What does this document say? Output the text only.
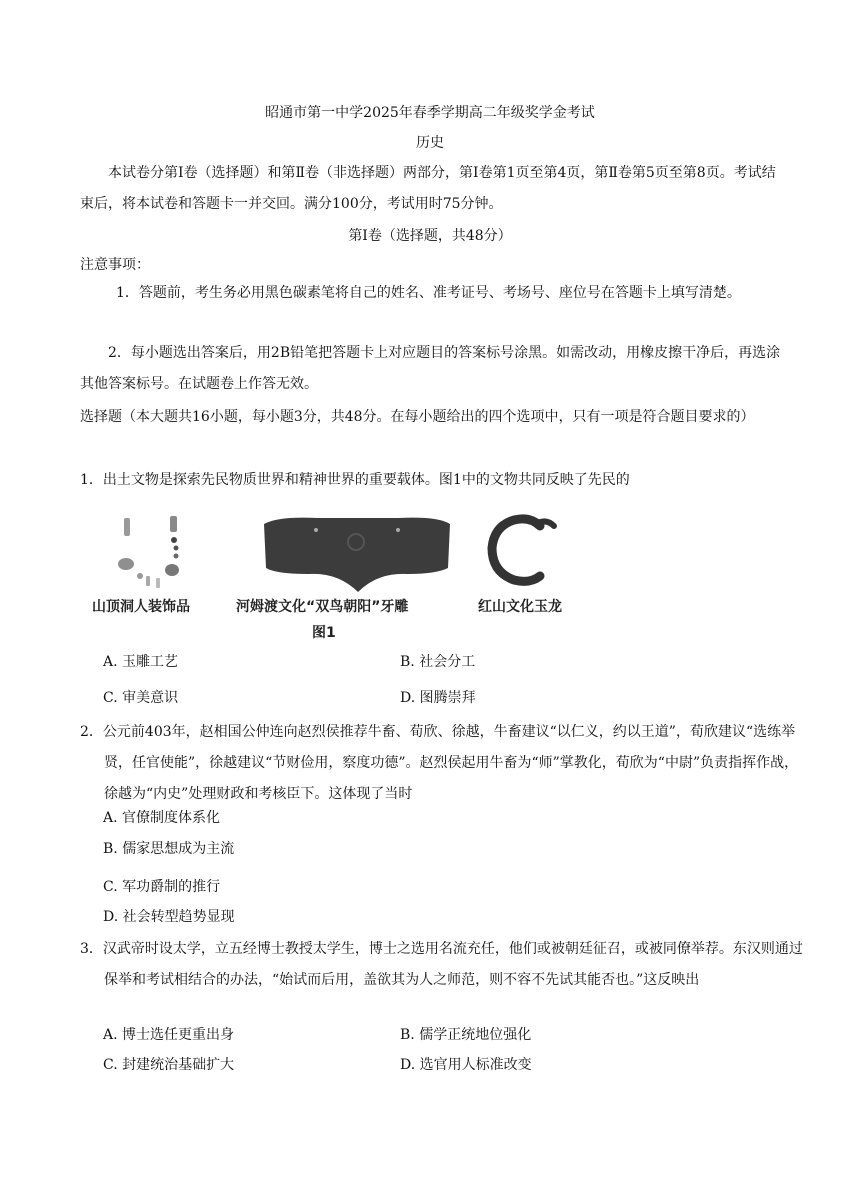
昭通市第一中学2025年春季学期高二年级奖学金考试
历史
本试卷分第Ⅰ卷（选择题）和第Ⅱ卷（非选择题）两部分，第Ⅰ卷第1页至第4页，第Ⅱ卷第5页至第8页。考试结束后，将本试卷和答题卡一并交回。满分100分，考试用时75分钟。
第Ⅰ卷（选择题，共48分）
注意事项：
1．答题前，考生务必用黑色碳素笔将自己的姓名、准考证号、考场号、座位号在答题卡上填写清楚。
2．每小题选出答案后，用2B铅笔把答题卡上对应题目的答案标号涂黑。如需改动，用橡皮擦干净后，再选涂其他答案标号。在试题卷上作答无效。
选择题（本大题共16小题，每小题3分，共48分。在每小题给出的四个选项中，只有一项是符合题目要求的）
1．出土文物是探索先民物质世界和精神世界的重要载体。图1中的文物共同反映了先民的
山顶洞人装饰品	河姆渡文化“双鸟朝阳”牙雕	红山文化玉龙
图1
A. 玉雕工艺	B. 社会分工
C. 审美意识	D. 图腾崇拜
2．公元前403年，赵相国公仲连向赵烈侯推荐牛畜、荀欣、徐越，牛畜建议“以仁义，约以王道”，荀欣建议“选练举贤，任官使能”，徐越建议“节财俭用，察度功德”。赵烈侯起用牛畜为“师”掌教化，荀欣为“中尉”负责指挥作战，徐越为“内史”处理财政和考核臣下。这体现了当时
A. 官僚制度体系化
B. 儒家思想成为主流
C. 军功爵制的推行
D. 社会转型趋势显现
3．汉武帝时设太学，立五经博士教授太学生，博士之选用名流充任，他们或被朝廷征召，或被同僚举荐。东汉则通过保举和考试相结合的办法，“始试而后用，盖欲其为人之师范，则不容不先试其能否也。”这反映出
A. 博士选任更重出身	B. 儒学正统地位强化
C. 封建统治基础扩大	D. 选官用人标准改变
